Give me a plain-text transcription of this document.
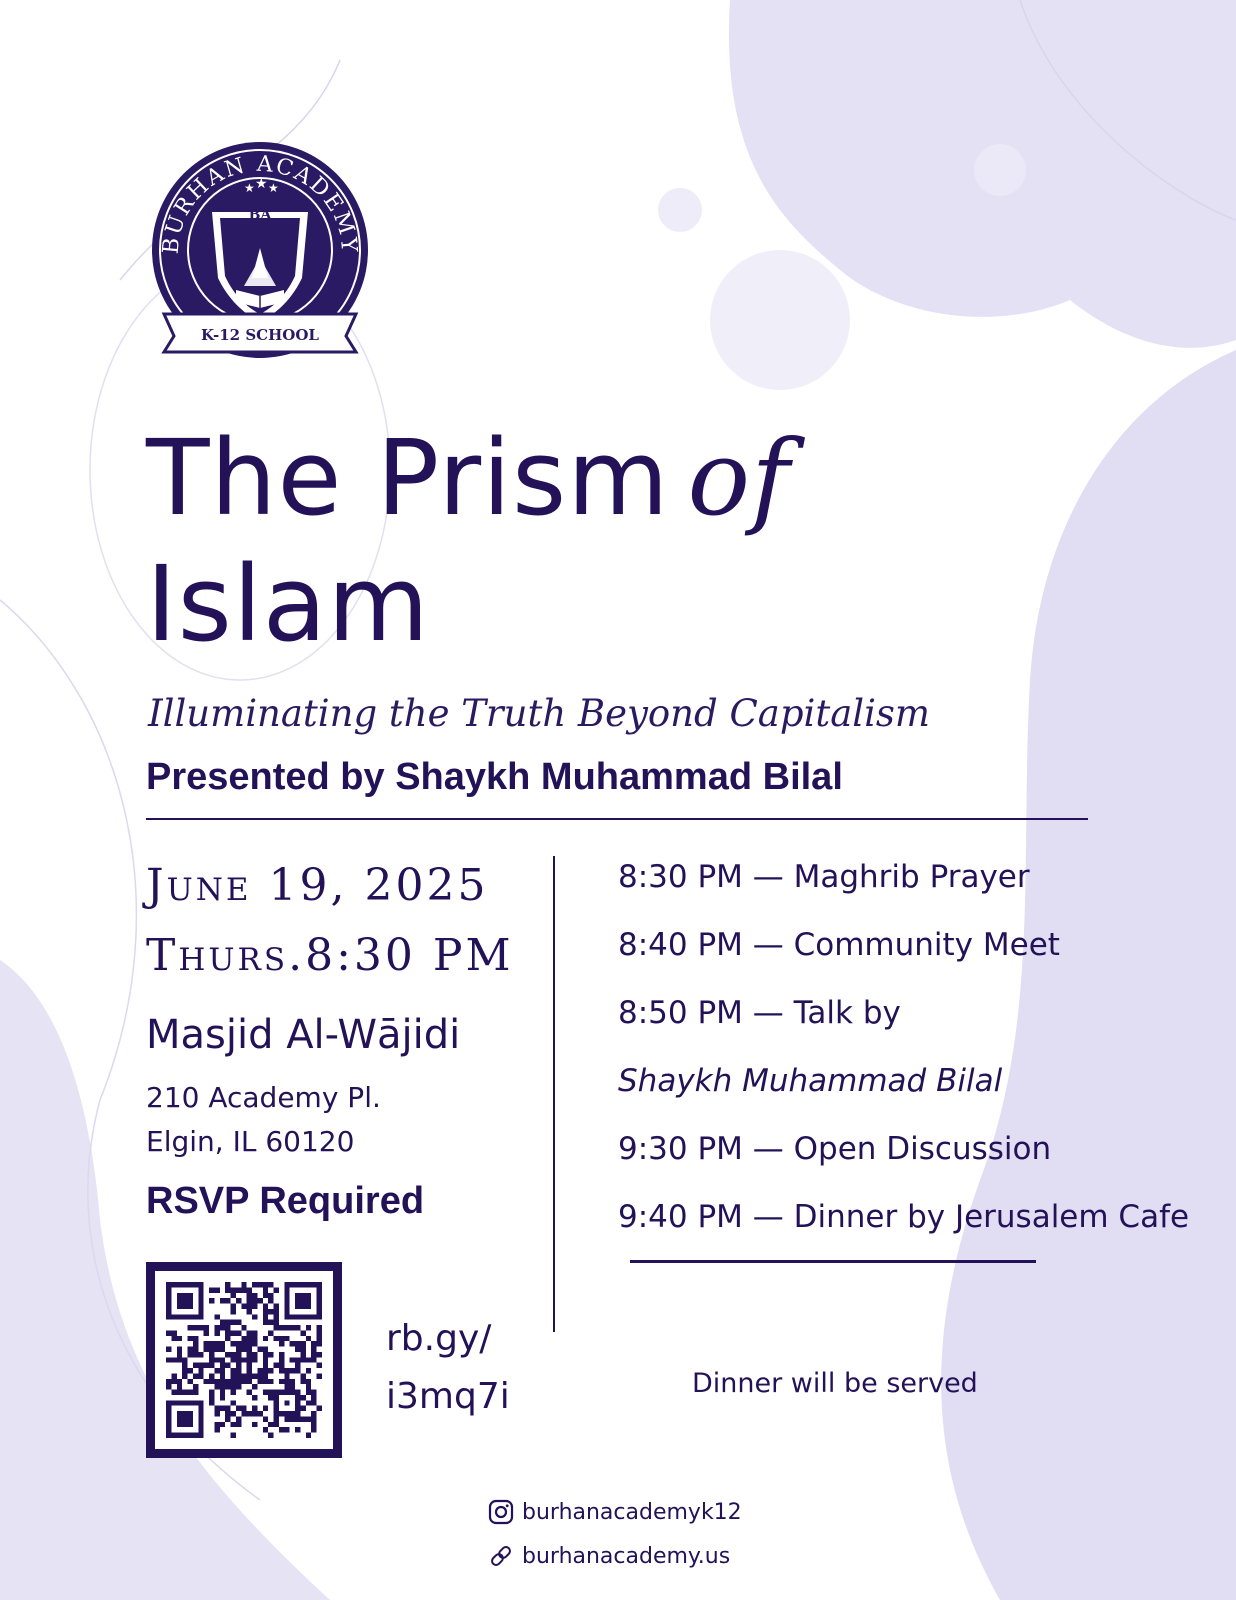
BURHAN ACADEMY
★ ★ ★
BA
K-12 SCHOOL
The Prism of
Islam
Illuminating the Truth Beyond Capitalism
Presented by Shaykh Muhammad Bilal
June 19, 2025
Thurs.8:30 PM
Masjid Al-Wājidi
210 Academy Pl.
Elgin, IL 60120
RSVP Required
8:30 PM — Maghrib Prayer
8:40 PM — Community Meet
8:50 PM — Talk by
Shaykh Muhammad Bilal
9:30 PM — Open Discussion
9:40 PM — Dinner by Jerusalem Cafe
rb.gy/
i3mq7i	Dinner will be served
burhanacademyk12
burhanacademy.us
